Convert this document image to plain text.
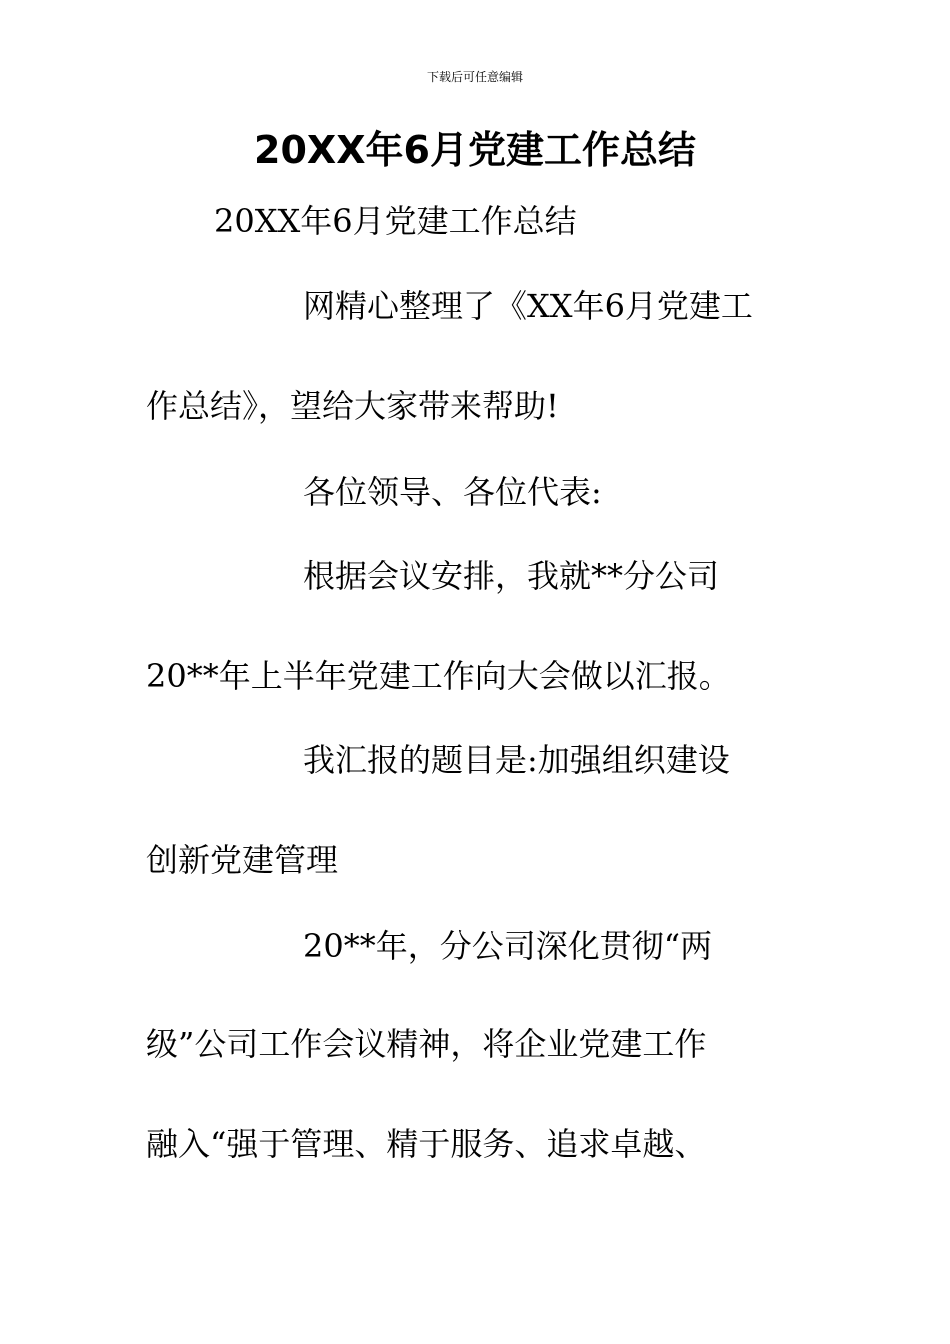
下载后可任意编辑
20XX年6月党建工作总结
20XX年6月党建工作总结
网精心整理了《XX年6月党建工
作总结》，望给大家带来帮助!
各位领导、各位代表:
根据会议安排，我就**分公司
20**年上半年党建工作向大会做以汇报。
我汇报的题目是:加强组织建设
创新党建管理
20**年，分公司深化贯彻“两
级”公司工作会议精神，将企业党建工作
融入“强于管理、精于服务、追求卓越、
